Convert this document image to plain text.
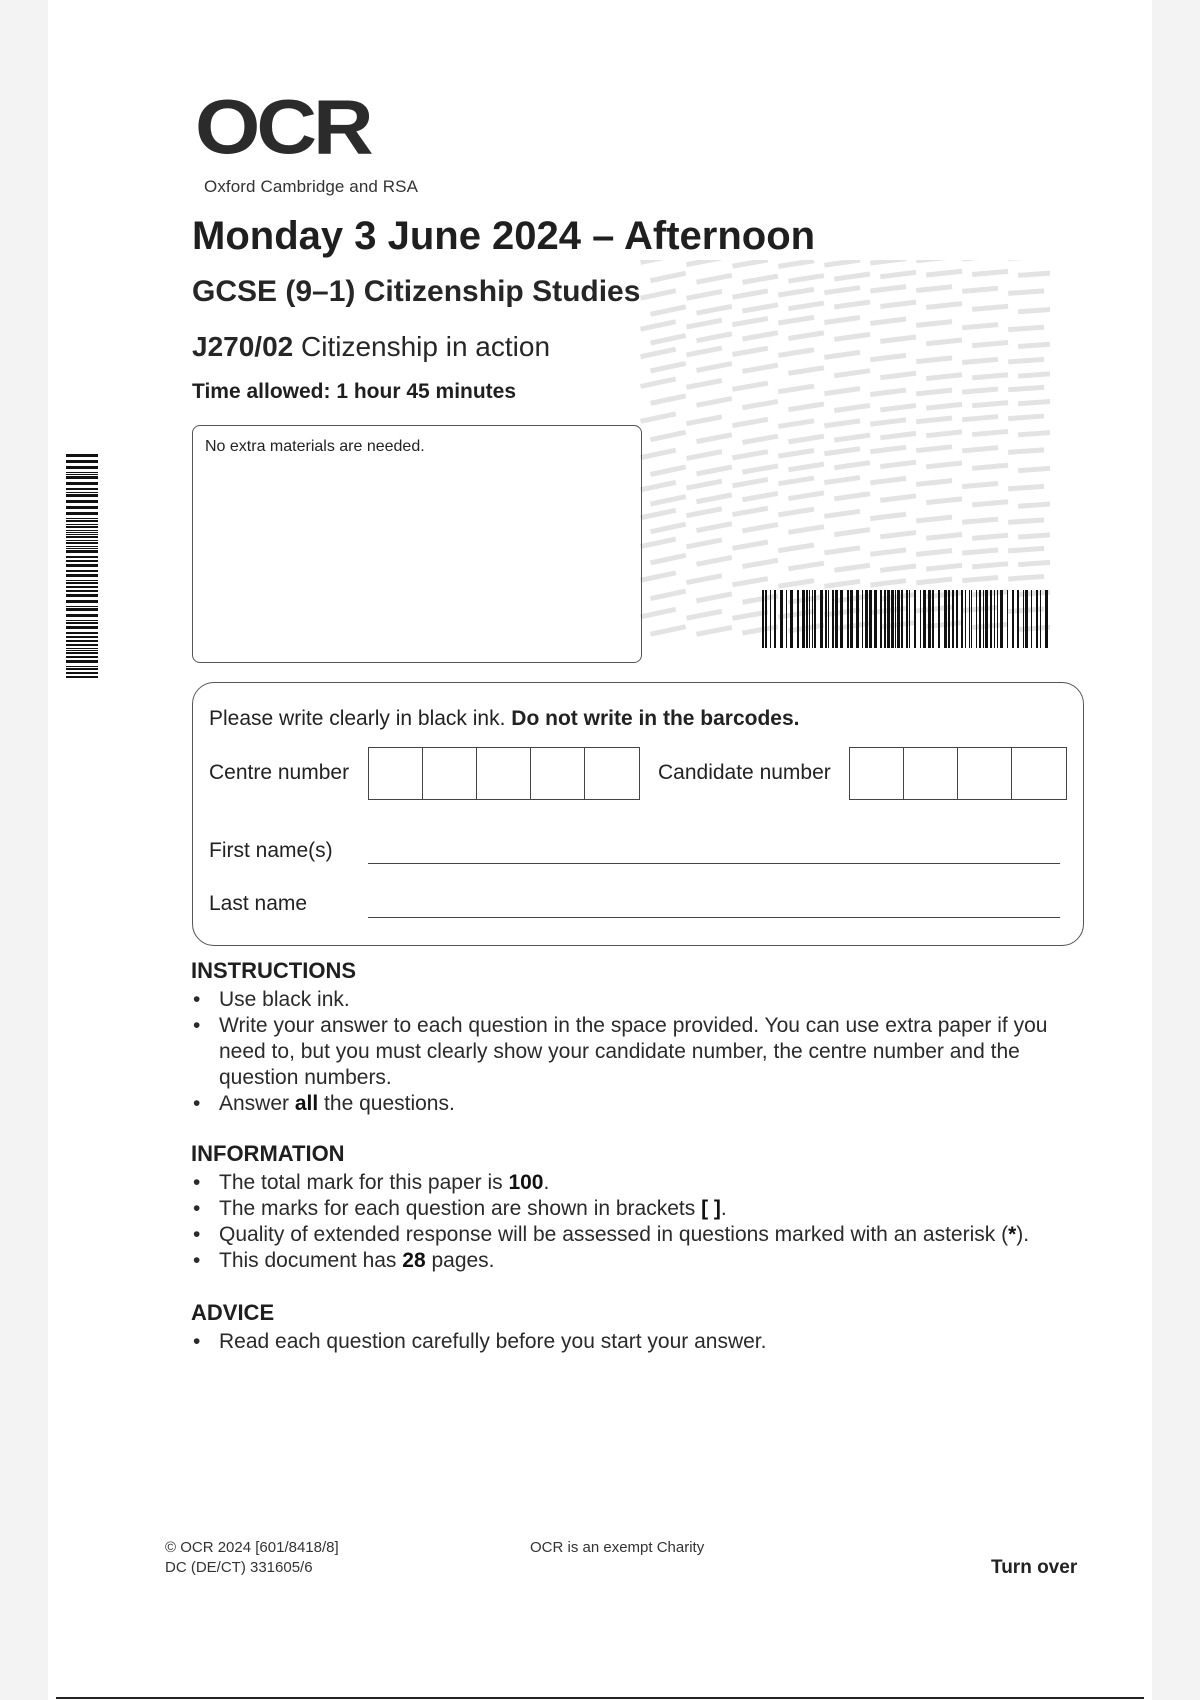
OCR
Oxford Cambridge and RSA
Monday 3 June 2024 – Afternoon
GCSE (9–1) Citizenship Studies
J270/02 Citizenship in action
Time allowed: 1 hour 45 minutes
No extra materials are needed.
Please write clearly in black ink. Do not write in the barcodes.
Centre number	Candidate number
First name(s)
Last name
INSTRUCTIONS
• Use black ink.
• Write your answer to each question in the space provided. You can use extra paper if you need to, but you must clearly show your candidate number, the centre number and the question numbers.
• Answer all the questions.
INFORMATION
• The total mark for this paper is 100.
• The marks for each question are shown in brackets [ ].
• Quality of extended response will be assessed in questions marked with an asterisk (*).
• This document has 28 pages.
ADVICE
• Read each question carefully before you start your answer.
© OCR 2024 [601/8418/8]
DC (DE/CT) 331605/6
OCR is an exempt Charity
Turn over
